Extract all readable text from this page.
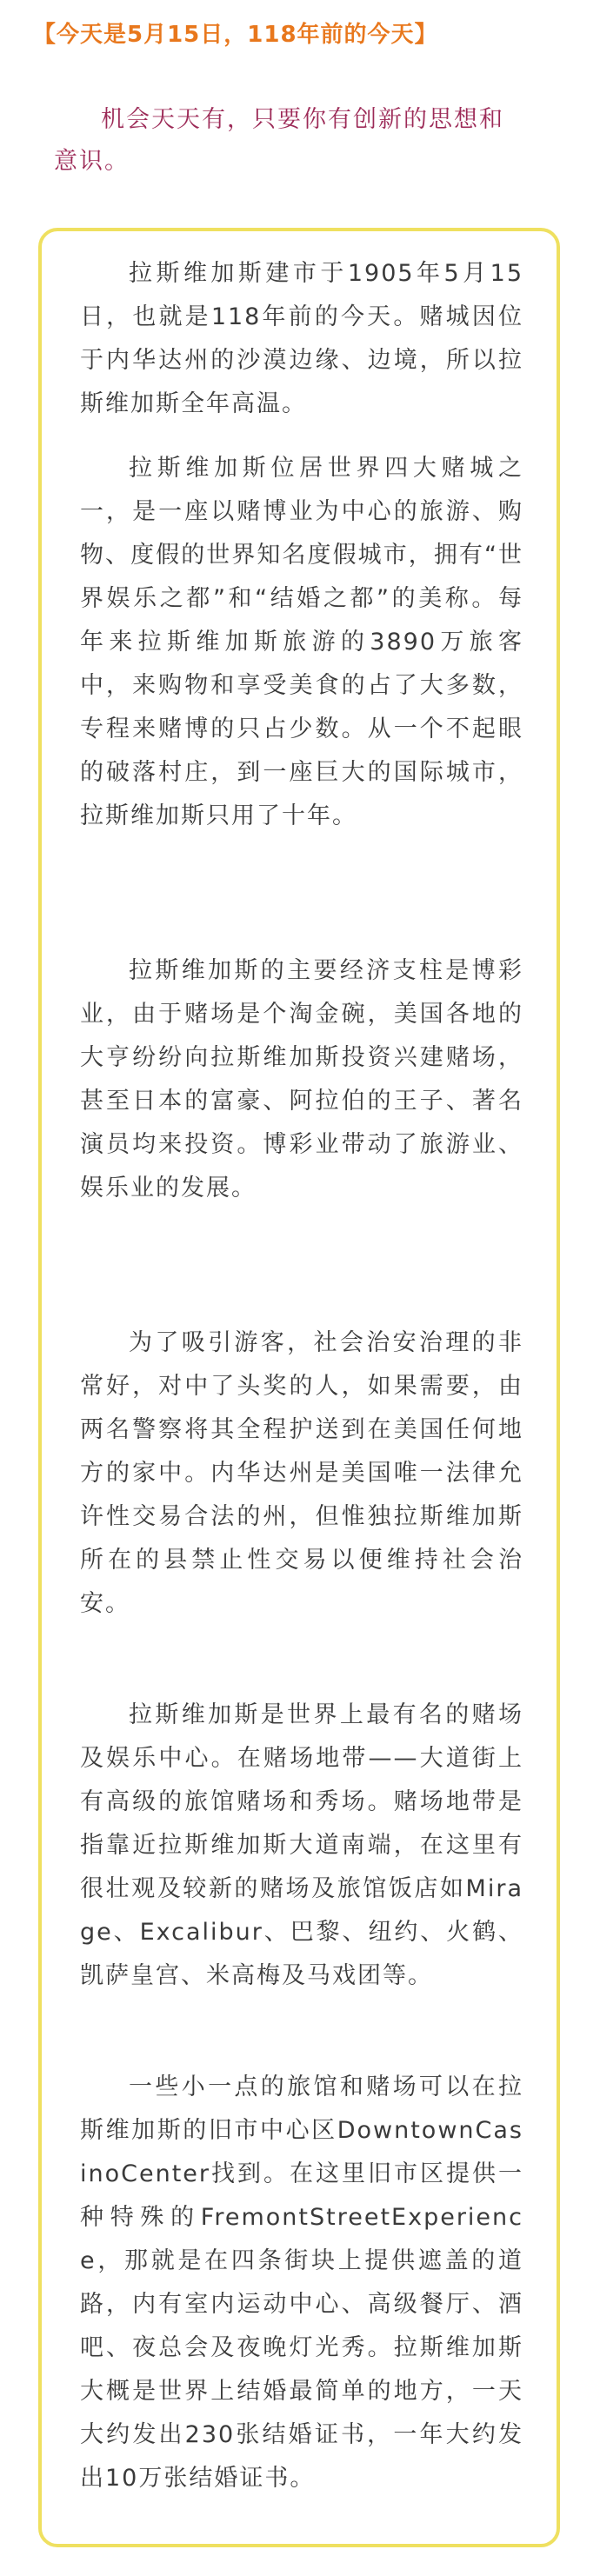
【今天是5月15日，118年前的今天】
机会天天有，只要你有创新的思想和意识。

拉斯维加斯建市于1905年5月15日，也就是118年前的今天。赌城因位于内华达州的沙漠边缘、边境，所以拉斯维加斯全年高温。

拉斯维加斯位居世界四大赌城之一，是一座以赌博业为中心的旅游、购物、度假的世界知名度假城市，拥有“世界娱乐之都”和“结婚之都”的美称。每年来拉斯维加斯旅游的3890万旅客中，来购物和享受美食的占了大多数，专程来赌博的只占少数。从一个不起眼的破落村庄，到一座巨大的国际城市，拉斯维加斯只用了十年。

拉斯维加斯的主要经济支柱是博彩业，由于赌场是个淘金碗，美国各地的大亨纷纷向拉斯维加斯投资兴建赌场，甚至日本的富豪、阿拉伯的王子、著名演员均来投资。博彩业带动了旅游业、娱乐业的发展。

为了吸引游客，社会治安治理的非常好，对中了头奖的人，如果需要，由两名警察将其全程护送到在美国任何地方的家中。内华达州是美国唯一法律允许性交易合法的州，但惟独拉斯维加斯所在的县禁止性交易以便维持社会治安。

拉斯维加斯是世界上最有名的赌场及娱乐中心。在赌场地带——大道街上有高级的旅馆赌场和秀场。赌场地带是指靠近拉斯维加斯大道南端，在这里有很壮观及较新的赌场及旅馆饭店如Mirage、Excalibur、巴黎、纽约、火鹤、凯萨皇宫、米高梅及马戏团等。

一些小一点的旅馆和赌场可以在拉斯维加斯的旧市中心区DowntownCasinoCenter找到。在这里旧市区提供一种特殊的FremontStreetExperience，那就是在四条街块上提供遮盖的道路，内有室内运动中心、高级餐厅、酒吧、夜总会及夜晚灯光秀。拉斯维加斯大概是世界上结婚最简单的地方，一天大约发出230张结婚证书，一年大约发出10万张结婚证书。
